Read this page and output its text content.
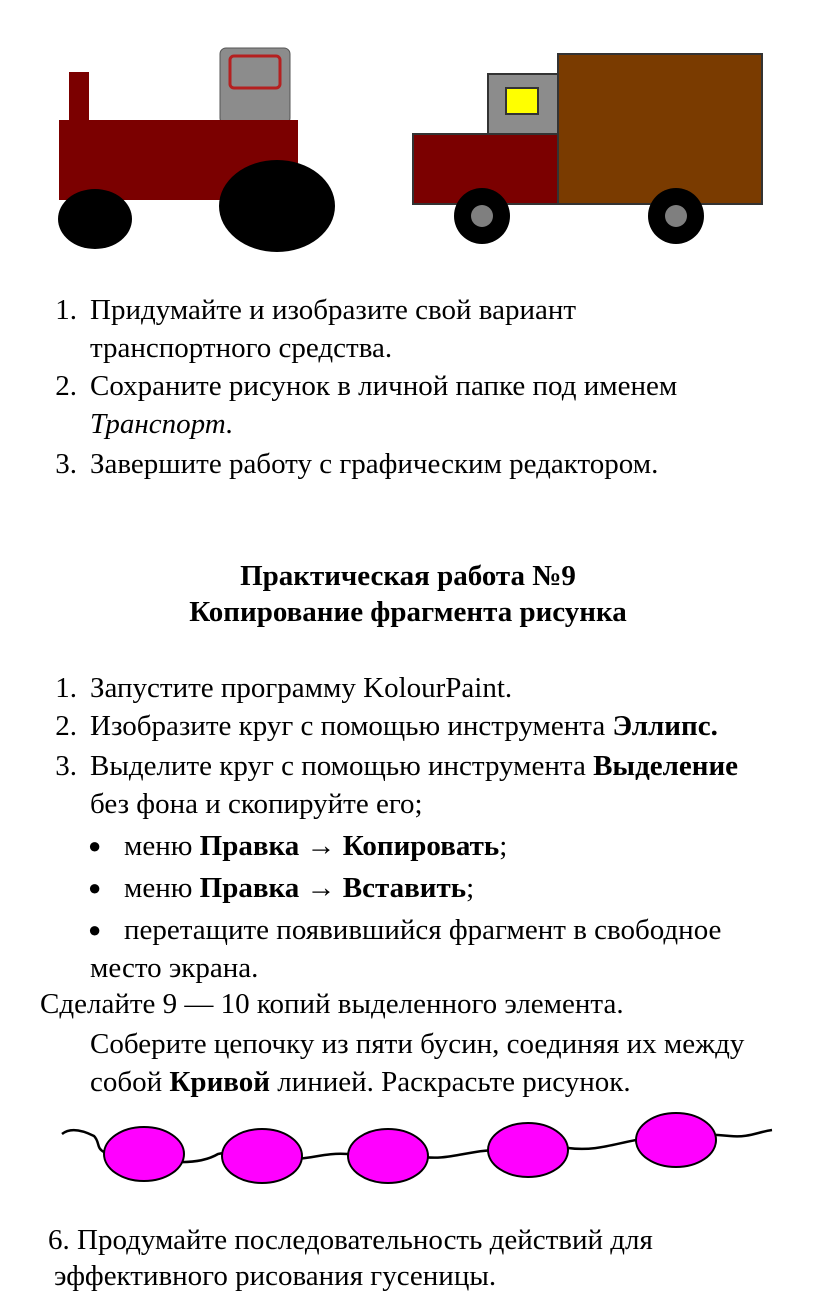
1. Придумайте и изобразите свой вариант
транспортного средства.
2. Сохраните рисунок в личной папке под именем
Транспорт.
3. Завершите работу с графическим редактором.
Практическая работа №9
Копирование фрагмента рисунка
1. Запустите программу KolourPaint.
2. Изобразите круг с помощью инструмента Эллипс.
3. Выделите круг с помощью инструмента Выделение
без фона и скопируйте его;
● меню Правка → Копировать;
● меню Правка → Вставить;
● перетащите появившийся фрагмент в свободное
место экрана.
Сделайте 9 — 10 копий выделенного элемента.
Соберите цепочку из пяти бусин, соединяя их между
собой Кривой линией. Раскрасьте рисунок.
6. Продумайте последовательность действий для
эффективного рисования гусеницы.
